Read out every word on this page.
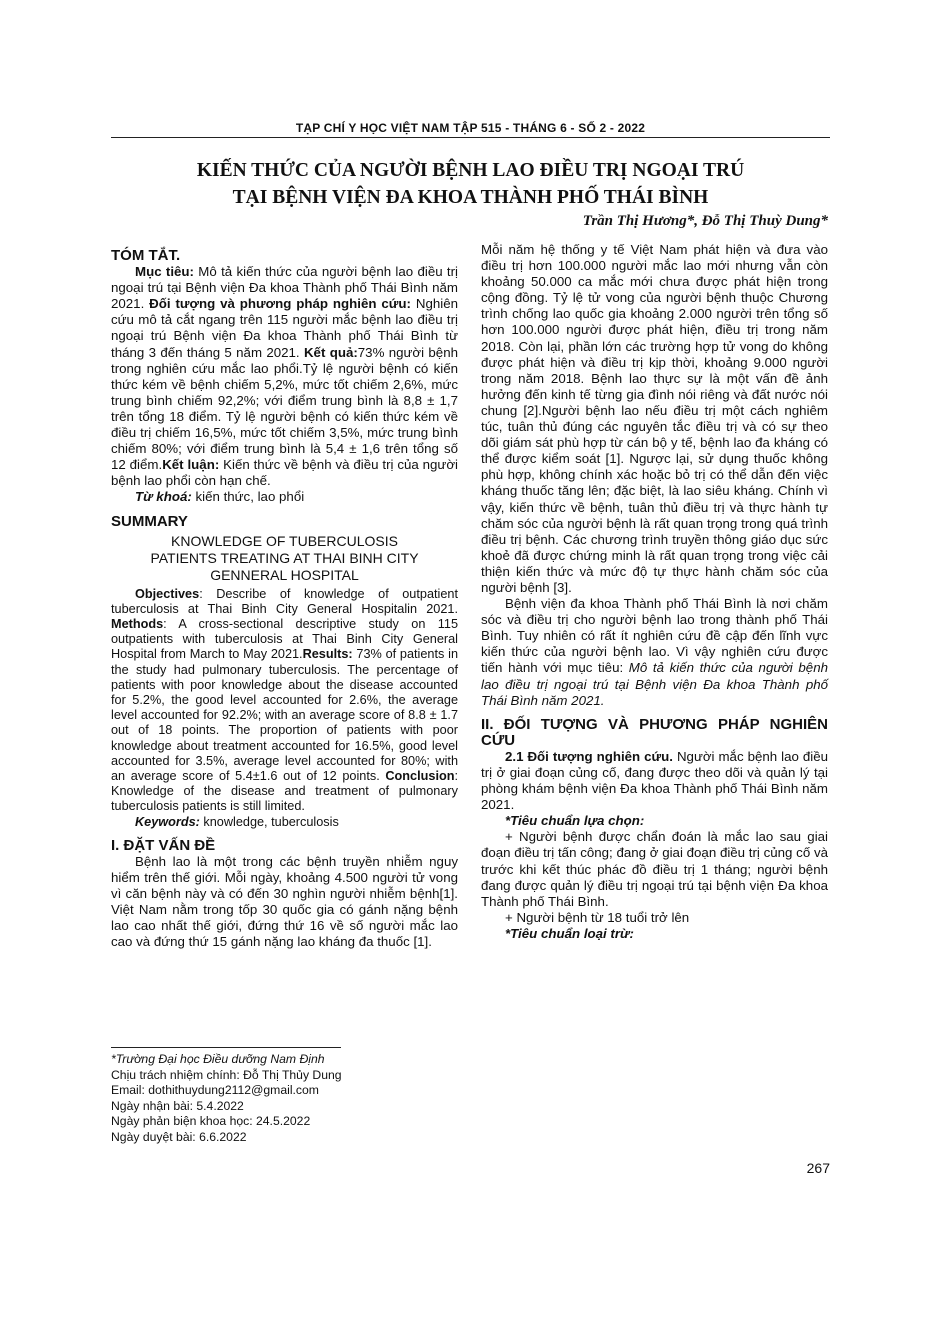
TẠP CHÍ Y HỌC VIỆT NAM TẬP 515 - THÁNG 6 - SỐ 2 - 2022
KIẾN THỨC CỦA NGƯỜI BỆNH LAO ĐIỀU TRỊ NGOẠI TRÚ
TẠI BỆNH VIỆN ĐA KHOA THÀNH PHỐ THÁI BÌNH
Trần Thị Hương*, Đỗ Thị Thuỳ Dung*

TÓM TẮT.

Mục tiêu: Mô tả kiến thức của người bệnh lao điều trị ngoại trú tại Bệnh viện Đa khoa Thành phố Thái Bình năm 2021. Đối tượng và phương pháp nghiên cứu: Nghiên cứu mô tả cắt ngang trên 115 người mắc bệnh lao điều trị ngoại trú Bệnh viện Đa khoa Thành phố Thái Bình từ tháng 3 đến tháng 5 năm 2021. Kết quả:73% người bệnh trong nghiên cứu mắc lao phổi.Tỷ lệ người bệnh có kiến thức kém về bệnh chiếm 5,2%, mức tốt chiếm 2,6%, mức trung bình chiếm 92,2%; với điểm trung bình là 8,8 ± 1,7 trên tổng 18 điểm. Tỷ lệ người bệnh có kiến thức kém về điều trị chiếm 16,5%, mức tốt chiếm 3,5%, mức trung bình chiếm 80%; với điểm trung bình là 5,4 ± 1,6 trên tổng số 12 điểm.Kết luận: Kiến thức về bệnh và điều trị của người bệnh lao phổi còn hạn chế.

Từ khoá: kiến thức, lao phổi

SUMMARY

KNOWLEDGE OF TUBERCULOSIS
PATIENTS TREATING AT THAI BINH CITY
GENNERAL HOSPITAL

Objectives: Describe of knowledge of outpatient tuberculosis at Thai Binh City General Hospitalin 2021. Methods: A cross-sectional descriptive study on 115 outpatients with tuberculosis at Thai Binh City General Hospital from March to May 2021.Results: 73% of patients in the study had pulmonary tuberculosis. The percentage of patients with poor knowledge about the disease accounted for 5.2%, the good level accounted for 2.6%, the average level accounted for 92.2%; with an average score of 8.8 ± 1.7 out of 18 points. The proportion of patients with poor knowledge about treatment accounted for 16.5%, good level accounted for 3.5%, average level accounted for 80%; with an average score of 5.4±1.6 out of 12 points. Conclusion: Knowledge of the disease and treatment of pulmonary tuberculosis patients is still limited.

Keywords: knowledge, tuberculosis

I. ĐẶT VẤN ĐỀ

Bệnh lao là một trong các bệnh truyền nhiễm nguy hiểm trên thế giới. Mỗi ngày, khoảng 4.500 người tử vong vì căn bệnh này và có đến 30 nghìn người nhiễm bệnh[1]. Việt Nam nằm trong tốp 30 quốc gia có gánh nặng bệnh lao cao nhất thế giới, đứng thứ 16 về số người mắc lao cao và đứng thứ 15 gánh nặng lao kháng đa thuốc [1].

*Trường Đại học Điều dưỡng Nam Định

Chịu trách nhiệm chính: Đỗ Thị Thủy Dung

Email: dothithuydung2112@gmail.com

Ngày nhận bài: 5.4.2022

Ngày phản biện khoa học: 24.5.2022

Ngày duyệt bài: 6.6.2022

Mỗi năm hệ thống y tế Việt Nam phát hiện và đưa vào điều trị hơn 100.000 người mắc lao mới nhưng vẫn còn khoảng 50.000 ca mắc mới chưa được phát hiện trong cộng đồng. Tỷ lệ tử vong của người bệnh thuộc Chương trình chống lao quốc gia khoảng 2.000 người trên tổng số hơn 100.000 người được phát hiện, điều trị trong năm 2018. Còn lại, phần lớn các trường hợp tử vong do không được phát hiện và điều trị kịp thời, khoảng 9.000 người trong năm 2018. Bệnh lao thực sự là một vấn đề ảnh hưởng đến kinh tế từng gia đình nói riêng và đất nước nói chung [2].Người bệnh lao nếu điều trị một cách nghiêm túc, tuân thủ đúng các nguyên tắc điều trị và có sự theo dõi giám sát phù hợp từ cán bộ y tế, bệnh lao đa kháng có thể được kiểm soát [1]. Ngược lại, sử dụng thuốc không phù hợp, không chính xác hoặc bỏ trị có thể dẫn đến việc kháng thuốc tăng lên; đặc biệt, là lao siêu kháng. Chính vì vậy, kiến thức về bệnh, tuân thủ điều trị và thực hành tự chăm sóc của người bệnh là rất quan trọng trong quá trình điều trị bệnh. Các chương trình truyền thông giáo dục sức khoẻ đã được chứng minh là rất quan trọng trong việc cải thiện kiến thức và mức độ tự thực hành chăm sóc của người bệnh [3].

Bệnh viện đa khoa Thành phố Thái Bình là nơi chăm sóc và điều trị cho người bệnh lao trong thành phố Thái Bình. Tuy nhiên có rất ít nghiên cứu đề cập đến lĩnh vực kiến thức của người bệnh lao. Vì vậy nghiên cứu được tiến hành với mục tiêu: Mô tả kiến thức của người bệnh lao điều trị ngoại trú tại Bệnh viện Đa khoa Thành phố Thái Bình năm 2021.

II. ĐỐI TƯỢNG VÀ PHƯƠNG PHÁP NGHIÊN CỨU

2.1 Đối tượng nghiên cứu. Người mắc bệnh lao điều trị ở giai đoạn củng cố, đang được theo dõi và quản lý tại phòng khám bệnh viện Đa khoa Thành phố Thái Bình năm 2021.

*Tiêu chuẩn lựa chọn:

+ Người bệnh được chẩn đoán là mắc lao sau giai đoạn điều trị tấn công; đang ở giai đoạn điều trị củng cố và trước khi kết thúc phác đồ điều trị 1 tháng; người bệnh đang được quản lý điều trị ngoại trú tại bệnh viện Đa khoa Thành phố Thái Bình.

+ Người bệnh từ 18 tuổi trở lên

*Tiêu chuẩn loại trừ:

267
